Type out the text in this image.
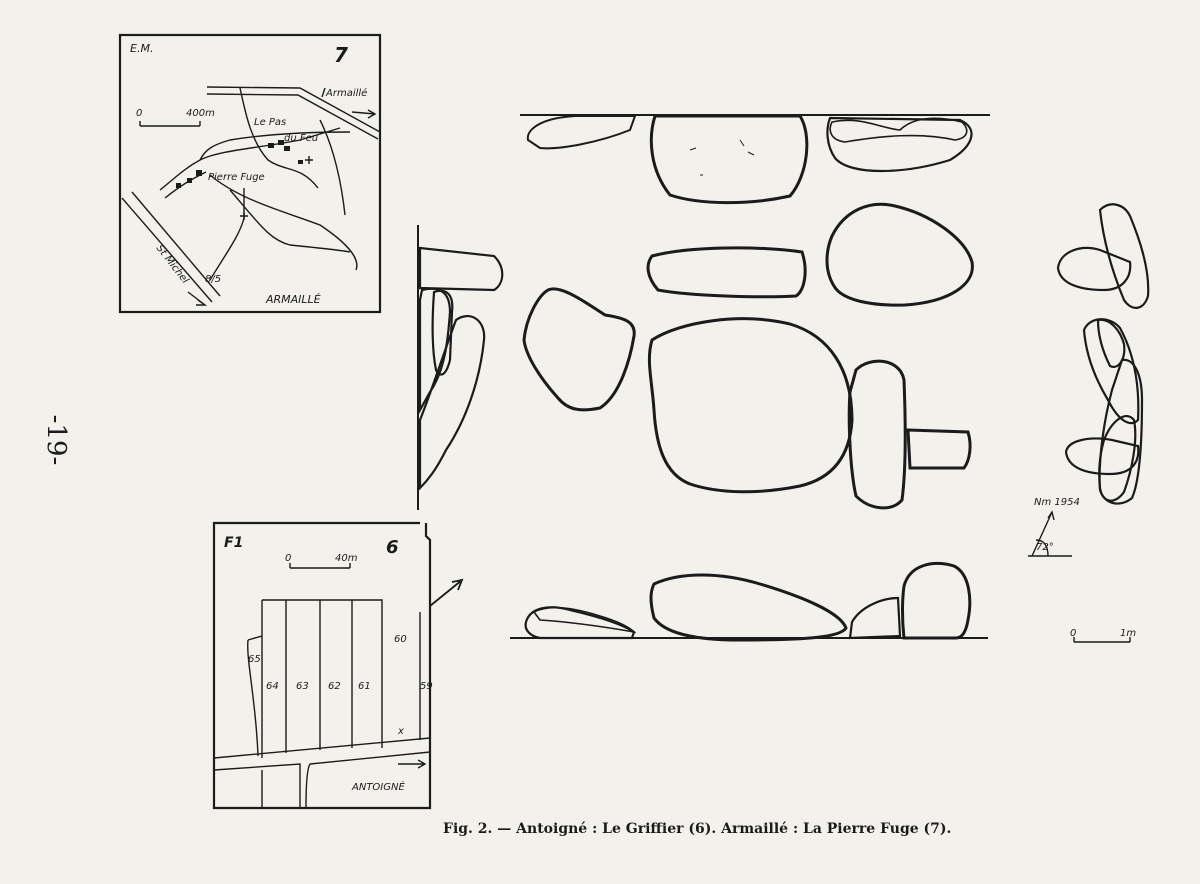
-19-
E.M.	7
0	400m
Armaillé
Le Pas
du Feu
Pierre Fuge
St Michel 8/5
ARMAILLÉ
F1	6
0	40m
65
64 63 62 61
60
59
x
ANTOIGNÉ
Nm 1954
72°
0	1m
Fig. 2. — Antoigné : Le Griffier (6). Armaillé : La Pierre Fuge (7).
